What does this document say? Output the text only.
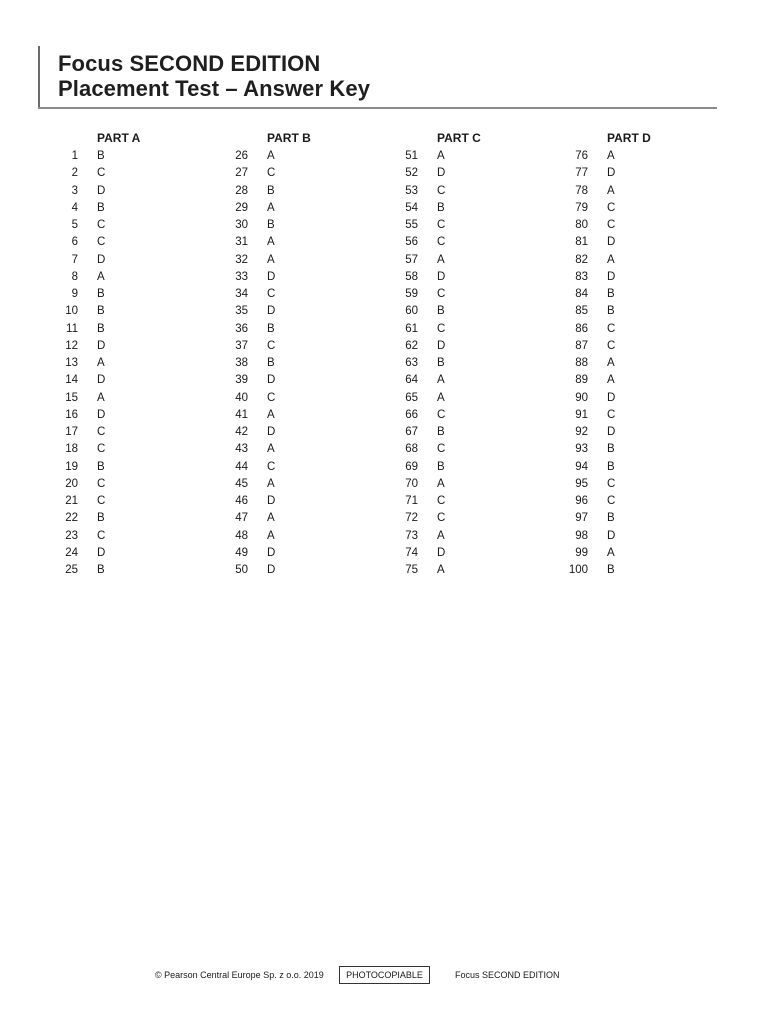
Focus SECOND EDITION
Placement Test – Answer Key
PART A
1 B
2 C
3 D
4 B
5 C
6 C
7 D
8 A
9 B
10 B
11 B
12 D
13 A
14 D
15 A
16 D
17 C
18 C
19 B
20 C
21 C
22 B
23 C
24 D
25 B
PART B
26 A
27 C
28 B
29 A
30 B
31 A
32 A
33 D
34 C
35 D
36 B
37 C
38 B
39 D
40 C
41 A
42 D
43 A
44 C
45 A
46 D
47 A
48 A
49 D
50 D
PART C
51 A
52 D
53 C
54 B
55 C
56 C
57 A
58 D
59 C
60 B
61 C
62 D
63 B
64 A
65 A
66 C
67 B
68 C
69 B
70 A
71 C
72 C
73 A
74 D
75 A
PART D
76 A
77 D
78 A
79 C
80 C
81 D
82 A
83 D
84 B
85 B
86 C
87 C
88 A
89 A
90 D
91 C
92 D
93 B
94 B
95 C
96 C
97 B
98 D
99 A
100 B
© Pearson Central Europe Sp. z o.o. 2019	PHOTOCOPIABLE	Focus SECOND EDITION
